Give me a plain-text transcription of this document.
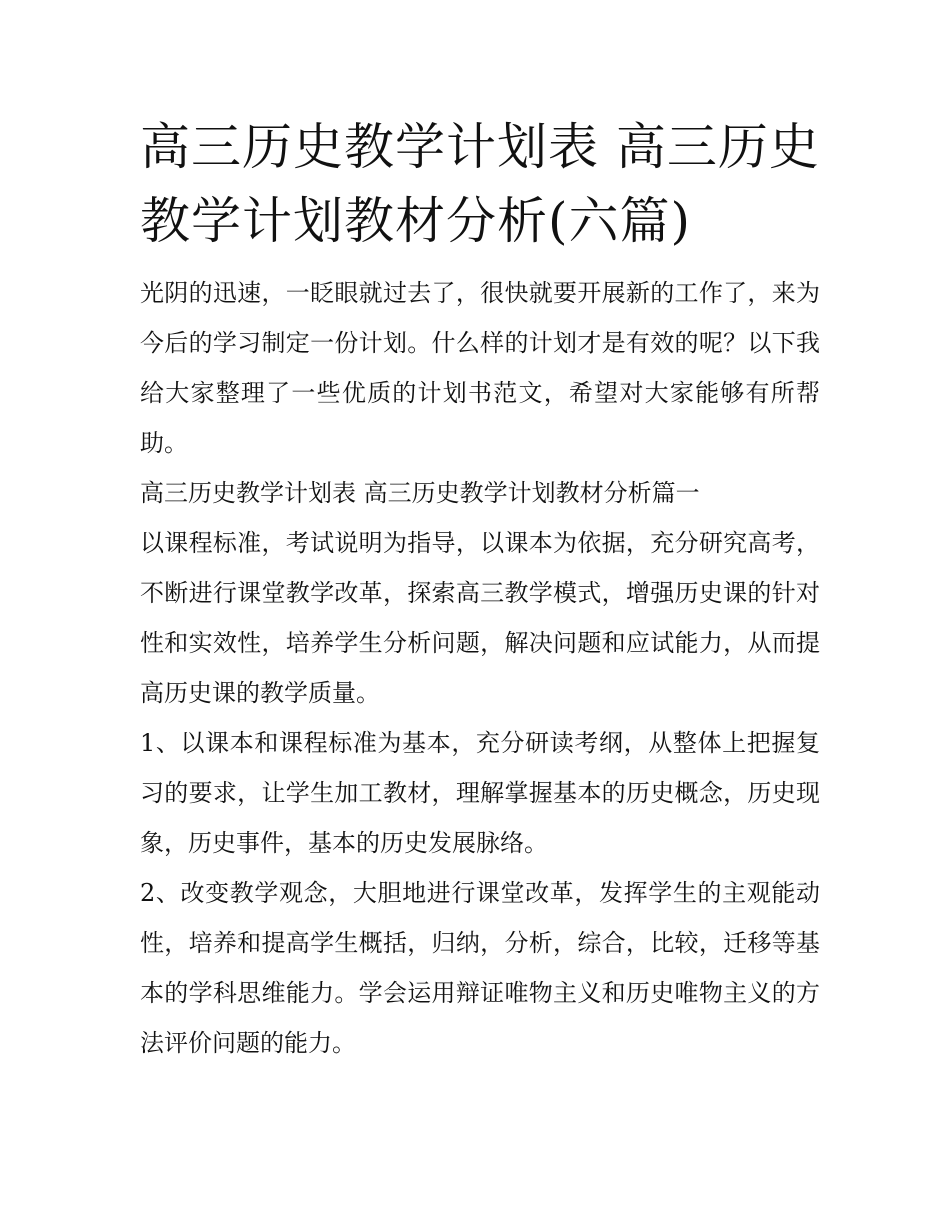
高三历史教学计划表 高三历史教学计划教材分析(六篇)

光阴的迅速，一眨眼就过去了，很快就要开展新的工作了，来为今后的学习制定一份计划。什么样的计划才是有效的呢？以下我给大家整理了一些优质的计划书范文，希望对大家能够有所帮助。

高三历史教学计划表 高三历史教学计划教材分析篇一

以课程标准，考试说明为指导，以课本为依据，充分研究高考，不断进行课堂教学改革，探索高三教学模式，增强历史课的针对性和实效性，培养学生分析问题，解决问题和应试能力，从而提高历史课的教学质量。

1、以课本和课程标准为基本，充分研读考纲，从整体上把握复习的要求，让学生加工教材，理解掌握基本的历史概念，历史现象，历史事件，基本的历史发展脉络。

2、改变教学观念，大胆地进行课堂改革，发挥学生的主观能动性，培养和提高学生概括，归纳，分析，综合，比较，迁移等基本的学科思维能力。学会运用辩证唯物主义和历史唯物主义的方法评价问题的能力。
